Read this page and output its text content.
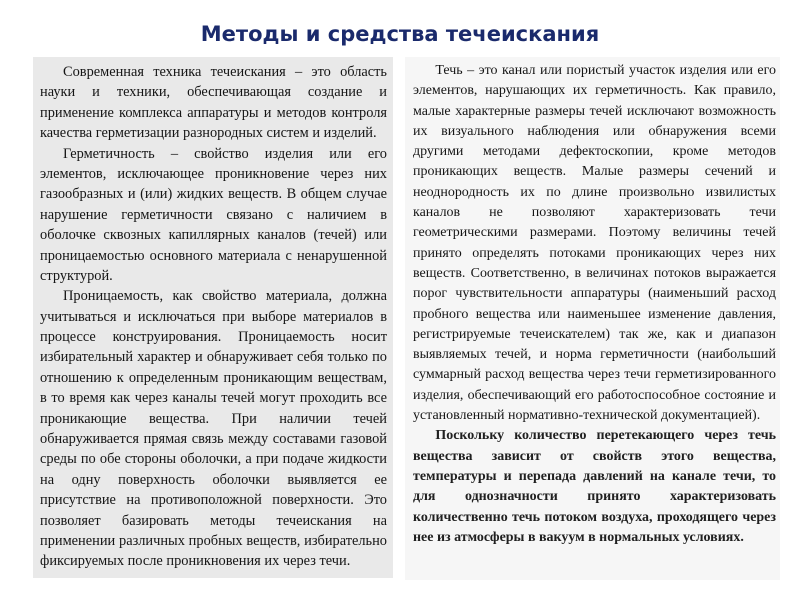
Методы и средства течеискания

Современная техника течеискания – это область науки и техники, обеспечивающая создание и применение комплекса аппаратуры и методов контроля качества герметизации разнородных систем и изделий.

Герметичность – свойство изделия или его элементов, исключающее проникновение через них газообразных и (или) жидких веществ. В общем случае нарушение герметичности связано с наличием в оболочке сквозных капиллярных каналов (течей) или проницаемостью основного материала с ненарушенной структурой.

Проницаемость, как свойство материала, должна учитываться и исключаться при выборе материалов в процессе конструирования. Проницаемость носит избирательный характер и обнаруживает себя только по отношению к определенным проникающим веществам, в то время как через каналы течей могут проходить все проникающие вещества. При наличии течей обнаруживается прямая связь между составами газовой среды по обе стороны оболочки, а при подаче жидкости на одну поверхность оболочки выявляется ее присутствие на противоположной поверхности. Это позволяет базировать методы течеискания на применении различных пробных веществ, избирательно фиксируемых после проникновения их через течи.

Течь – это канал или пористый участок изделия или его элементов, нарушающих их герметичность. Как правило, малые характерные размеры течей исключают возможность их визуального наблюдения или обнаружения всеми другими методами дефектоскопии, кроме методов проникающих веществ. Малые размеры сечений и неоднородность их по длине произвольно извилистых каналов не позволяют характеризовать течи геометрическими размерами. Поэтому величины течей принято определять потоками проникающих через них веществ. Соответственно, в величинах потоков выражается порог чувствительности аппаратуры (наименьший расход пробного вещества или наименьшее изменение давления, регистрируемые течеискателем) так же, как и диапазон выявляемых течей, и норма герметичности (наибольший суммарный расход вещества через течи герметизированного изделия, обеспечивающий его работоспособное состояние и установленный нормативно-технической документацией).

Поскольку количество перетекающего через течь вещества зависит от свойств этого вещества, температуры и перепада давлений на канале течи, то для однозначности принято характеризовать количественно течь потоком воздуха, проходящего через нее из атмосферы в вакуум в нормальных условиях.
